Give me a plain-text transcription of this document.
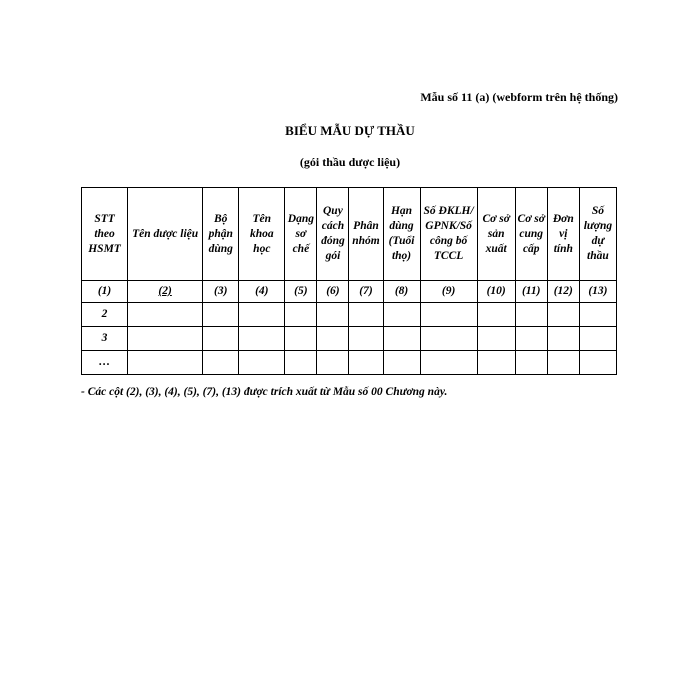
Mẫu số 11 (a) (webform trên hệ thống)
BIỂU MẪU DỰ THẦU
(gói thầu dược liệu)
STT theo HSMT	Tên dược liệu	Bộ phận dùng	Tên khoa học	Dạng sơ chế	Quy cách đóng gói	Phân nhóm	Hạn dùng (Tuổi thọ)	Số ĐKLH/ GPNK/Số công bố TCCL	Cơ sở sản xuất	Cơ sở cung cấp	Đơn vị tính	Số lượng dự thầu
(1)	(2)	(3)	(4)	(5)	(6)	(7)	(8)	(9)	(10)	(11)	(12)	(13)
2												
3												
…												
- Các cột (2), (3), (4), (5), (7), (13) được trích xuất từ Mẫu số 00 Chương này.
